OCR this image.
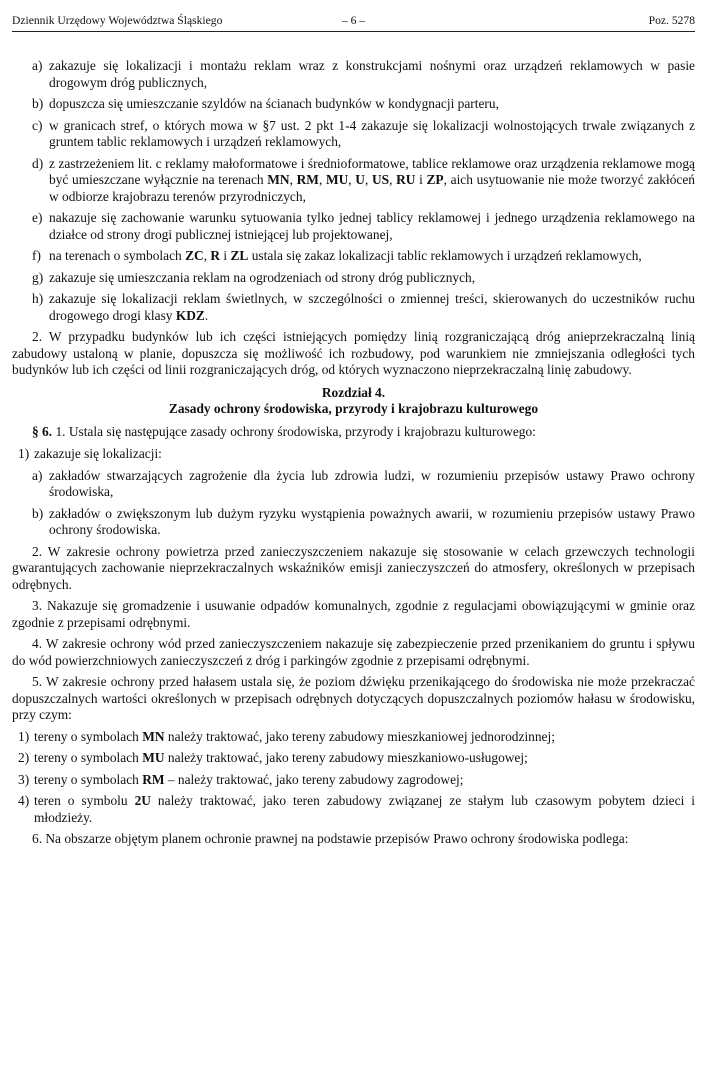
Dziennik Urzędowy Województwa Śląskiego	– 6 –	Poz. 5278
a) zakazuje się lokalizacji i montażu reklam wraz z konstrukcjami nośnymi oraz urządzeń reklamowych w pasie drogowym dróg publicznych,
b) dopuszcza się umieszczanie szyldów na ścianach budynków w kondygnacji parteru,
c) w granicach stref, o których mowa w §7 ust. 2 pkt 1-4 zakazuje się lokalizacji wolnostojących trwale związanych z gruntem tablic reklamowych i urządzeń reklamowych,
d) z zastrzeżeniem lit. c reklamy małoformatowe i średnioformatowe, tablice reklamowe oraz urządzenia reklamowe mogą być umieszczane wyłącznie na terenach MN, RM, MU, U, US, RU i ZP, aich usytuowanie nie może tworzyć zakłóceń w odbiorze krajobrazu terenów przyrodniczych,
e) nakazuje się zachowanie warunku sytuowania tylko jednej tablicy reklamowej i jednego urządzenia reklamowego na działce od strony drogi publicznej istniejącej lub projektowanej,
f) na terenach o symbolach ZC, R i ZL ustala się zakaz lokalizacji tablic reklamowych i urządzeń reklamowych,
g) zakazuje się umieszczania reklam na ogrodzeniach od strony dróg publicznych,
h) zakazuje się lokalizacji reklam świetlnych, w szczególności o zmiennej treści, skierowanych do uczestników ruchu drogowego drogi klasy KDZ.

2. W przypadku budynków lub ich części istniejących pomiędzy linią rozgraniczającą dróg anieprzekraczalną linią zabudowy ustaloną w planie, dopuszcza się możliwość ich rozbudowy, pod warunkiem nie zmniejszania odległości tych budynków lub ich części od linii rozgraniczających dróg, od których wyznaczono nieprzekraczalną linię zabudowy.

Rozdział 4.
Zasady ochrony środowiska, przyrody i krajobrazu kulturowego

§ 6. 1. Ustala się następujące zasady ochrony środowiska, przyrody i krajobrazu kulturowego:

1) zakazuje się lokalizacji:
a) zakładów stwarzających zagrożenie dla życia lub zdrowia ludzi, w rozumieniu przepisów ustawy Prawo ochrony środowiska,
b) zakładów o zwiększonym lub dużym ryzyku wystąpienia poważnych awarii, w rozumieniu przepisów ustawy Prawo ochrony środowiska.

2. W zakresie ochrony powietrza przed zanieczyszczeniem nakazuje się stosowanie w celach grzewczych technologii gwarantujących zachowanie nieprzekraczalnych wskaźników emisji zanieczyszczeń do atmosfery, określonych w przepisach odrębnych.

3. Nakazuje się gromadzenie i usuwanie odpadów komunalnych, zgodnie z regulacjami obowiązującymi w gminie oraz zgodnie z przepisami odrębnymi.

4. W zakresie ochrony wód przed zanieczyszczeniem nakazuje się zabezpieczenie przed przenikaniem do gruntu i spływu do wód powierzchniowych zanieczyszczeń z dróg i parkingów zgodnie z przepisami odrębnymi.

5. W zakresie ochrony przed hałasem ustala się, że poziom dźwięku przenikającego do środowiska nie może przekraczać dopuszczalnych wartości określonych w przepisach odrębnych dotyczących dopuszczalnych poziomów hałasu w środowisku, przy czym:

1) tereny o symbolach MN należy traktować, jako tereny zabudowy mieszkaniowej jednorodzinnej;
2) tereny o symbolach MU należy traktować, jako tereny zabudowy mieszkaniowo-usługowej;
3) tereny o symbolach RM – należy traktować, jako tereny zabudowy zagrodowej;
4) teren o symbolu 2U należy traktować, jako teren zabudowy związanej ze stałym lub czasowym pobytem dzieci i młodzieży.

6. Na obszarze objętym planem ochronie prawnej na podstawie przepisów Prawo ochrony środowiska podlega:
